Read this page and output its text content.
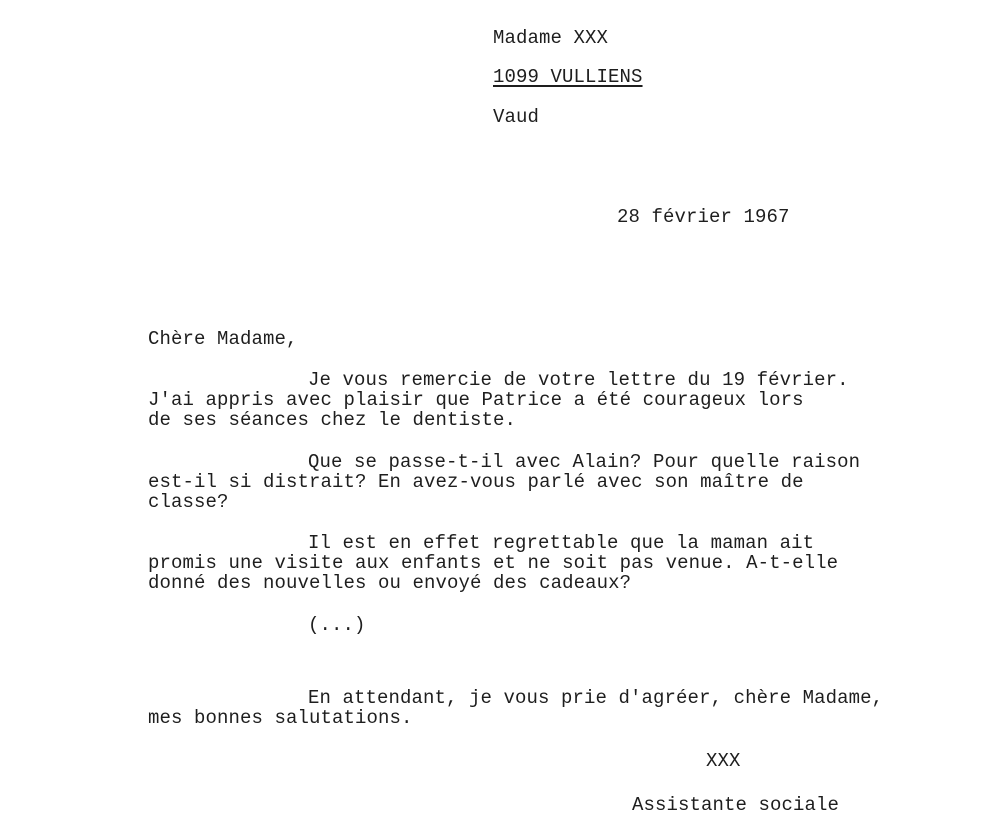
Madame XXX
1099 VULLIENS
Vaud
28 février 1967
Chère Madame,
Je vous remercie de votre lettre du 19 février.
J'ai appris avec plaisir que Patrice a été courageux lors
de ses séances chez le dentiste.
Que se passe-t-il avec Alain? Pour quelle raison
est-il si distrait? En avez-vous parlé avec son maître de
classe?
Il est en effet regrettable que la maman ait
promis une visite aux enfants et ne soit pas venue. A-t-elle
donné des nouvelles ou envoyé des cadeaux?
(...)
En attendant, je vous prie d'agréer, chère Madame,
mes bonnes salutations.
XXX
Assistante sociale
